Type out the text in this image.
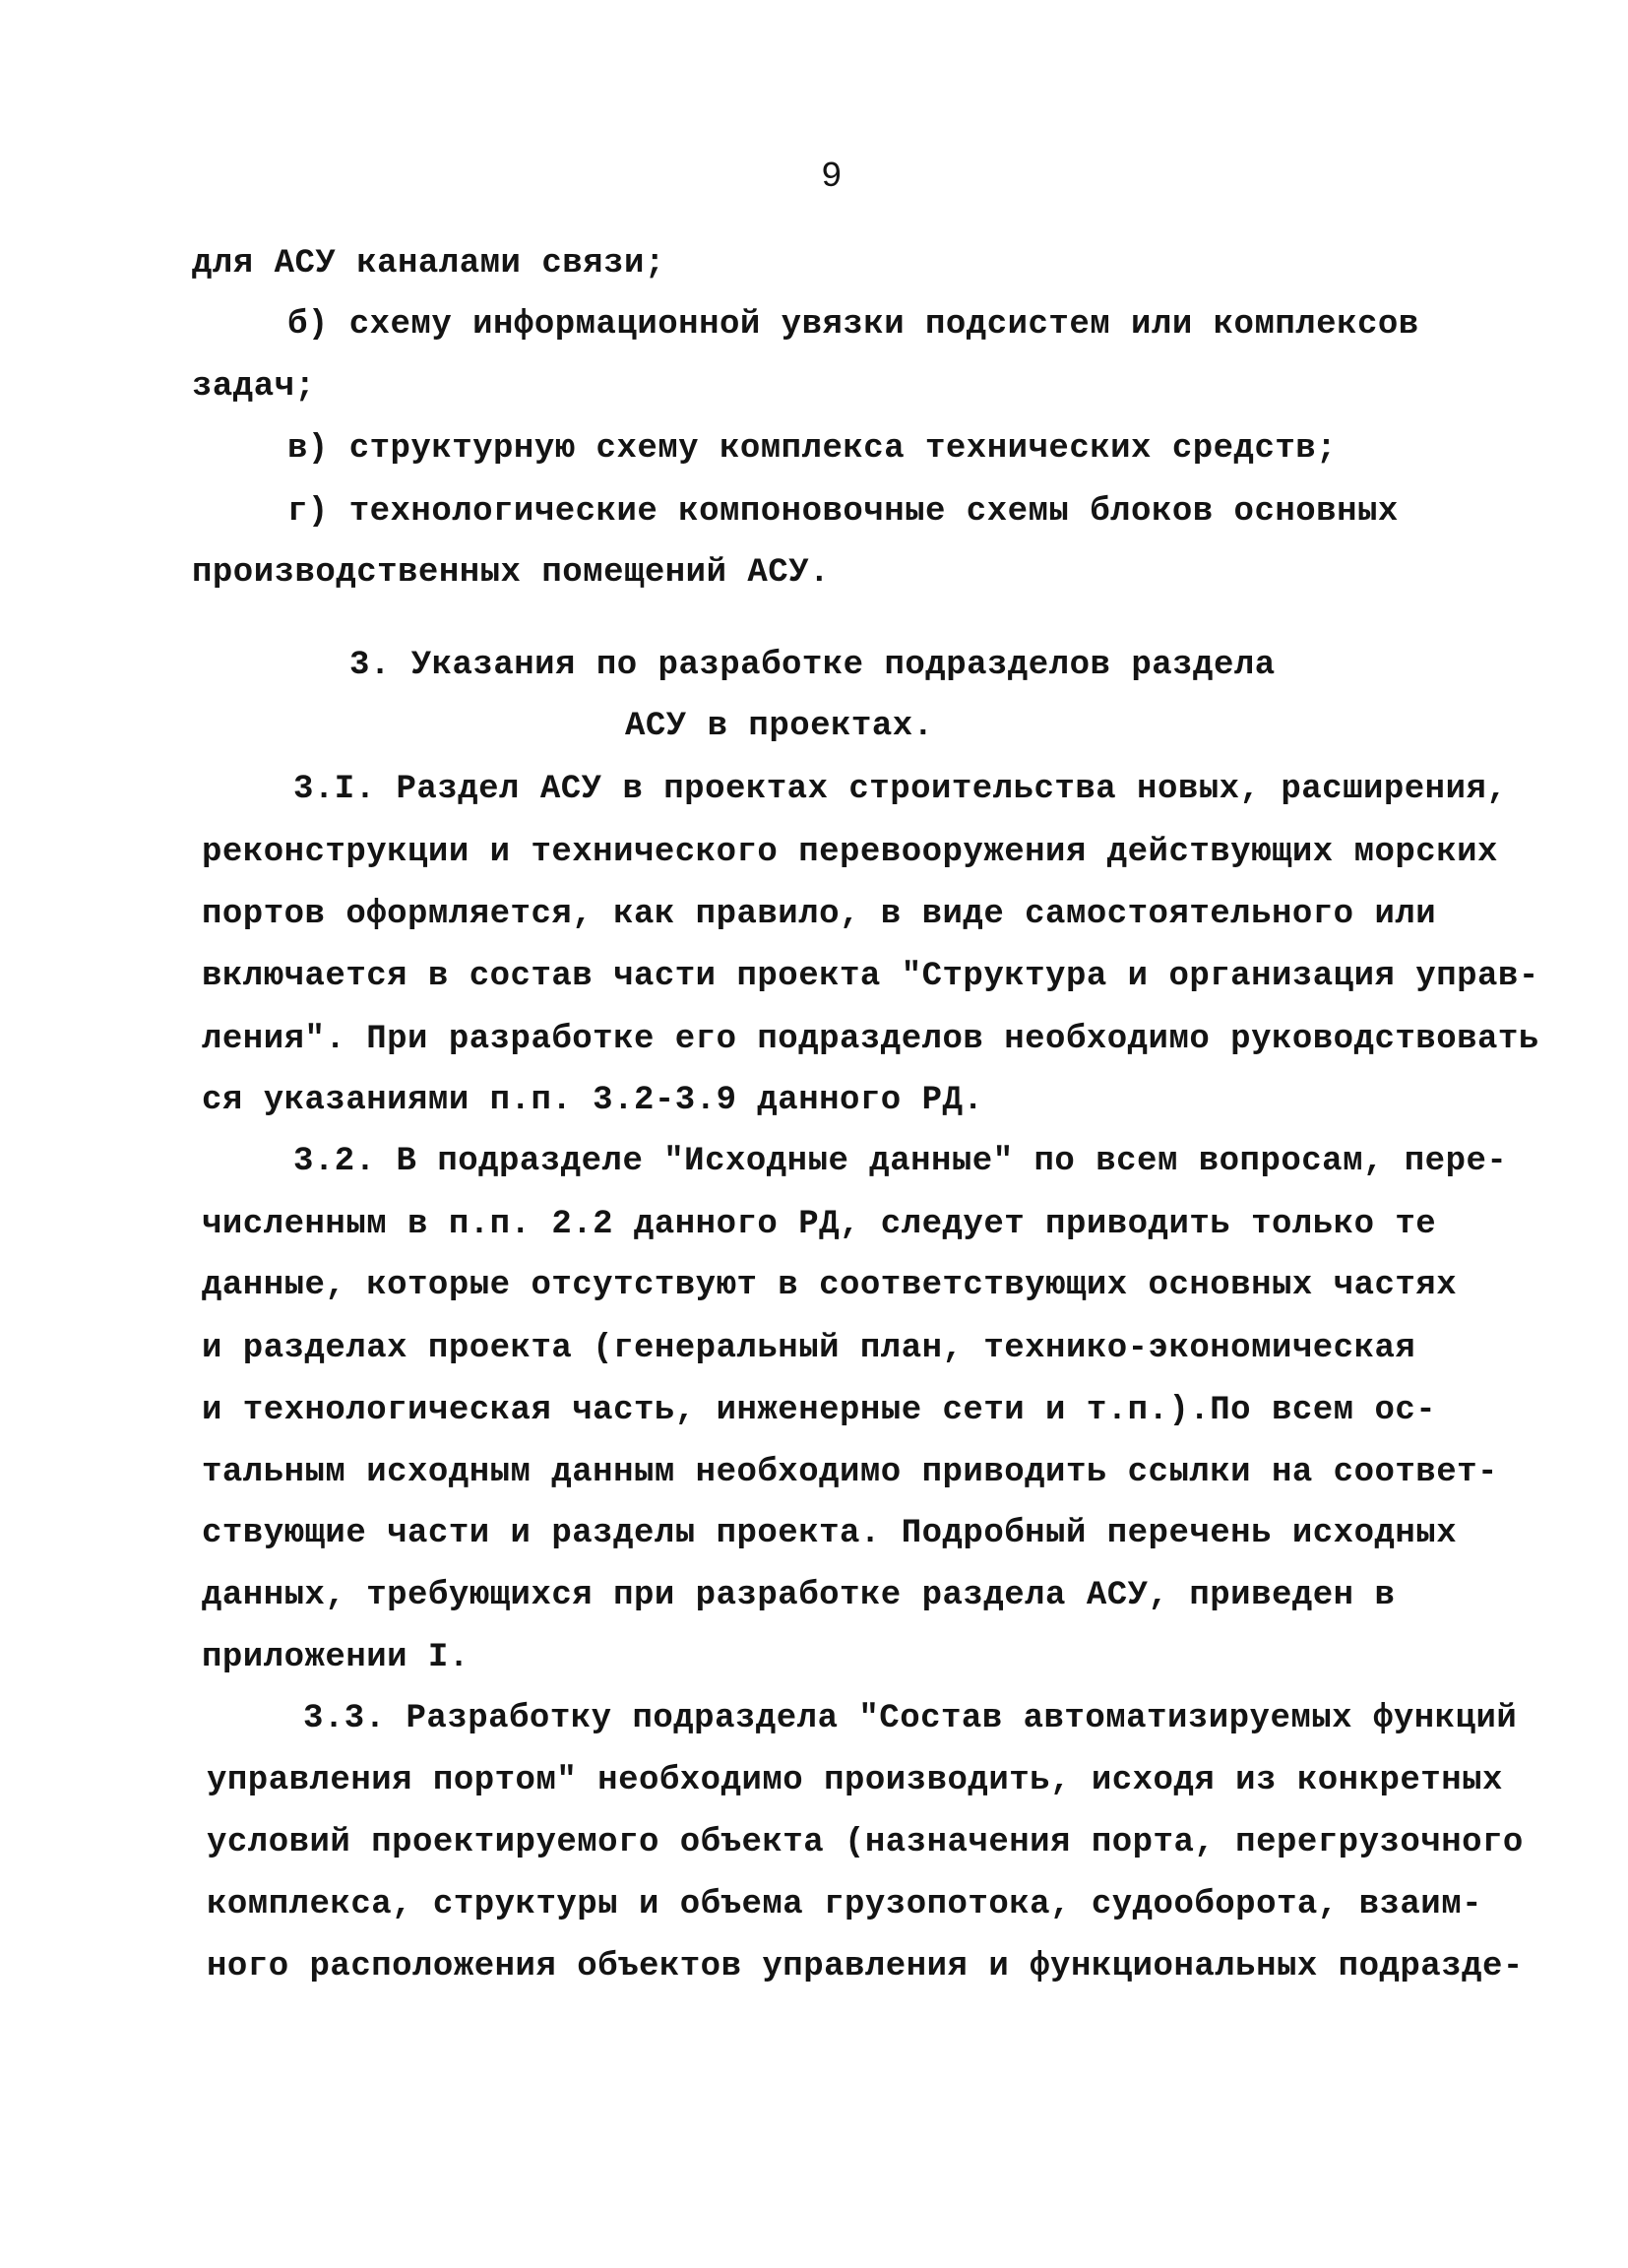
9
для АСУ каналами связи;
б) схему информационной увязки подсистем или комплексов
задач;
в) структурную схему комплекса технических средств;
г) технологические компоновочные схемы блоков основных
производственных помещений АСУ.
3. Указания по разработке подразделов раздела
АСУ в проектах.
3.I. Раздел АСУ в проектах строительства новых, расширения,
реконструкции и технического перевооружения действующих морских
портов оформляется, как правило, в виде самостоятельного или
включается в состав части проекта "Структура и организация управ-
ления". При разработке его подразделов необходимо руководствовать
ся указаниями п.п. 3.2-3.9 данного РД.
3.2. В подразделе "Исходные данные" по всем вопросам, пере-
численным в п.п. 2.2 данного РД, следует приводить только те
данные, которые отсутствуют в соответствующих основных частях
и разделах проекта (генеральный план, технико-экономическая
и технологическая часть, инженерные сети и т.п.).По всем ос-
тальным исходным данным необходимо приводить ссылки на соответ-
ствующие части и разделы проекта. Подробный перечень исходных
данных, требующихся при разработке раздела АСУ, приведен в
приложении I.
3.3. Разработку подраздела "Состав автоматизируемых функций
управления портом" необходимо производить, исходя из конкретных
условий проектируемого объекта (назначения порта, перегрузочного
комплекса, структуры и объема грузопотока, судооборота, взаим-
ного расположения объектов управления и функциональных подразде-
